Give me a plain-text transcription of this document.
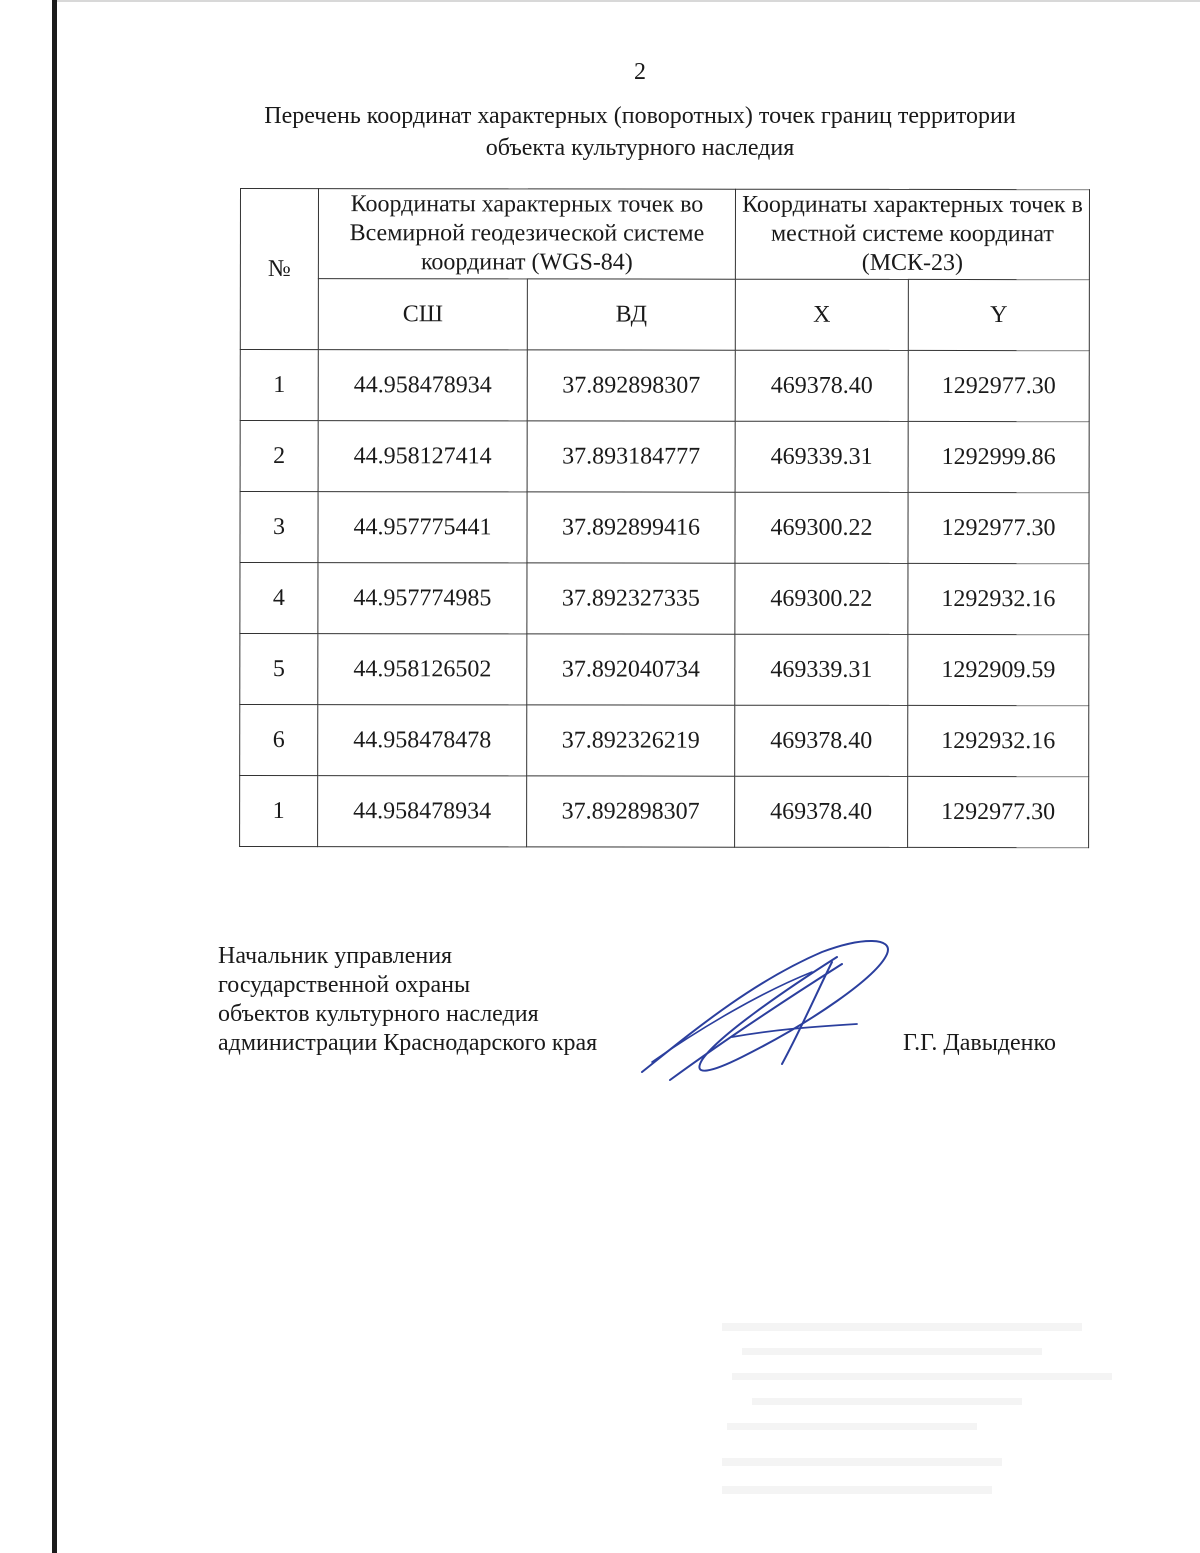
2
Перечень координат характерных (поворотных) точек границ территории
объекта культурного наследия
№	Координаты характерных точек во Всемирной геодезической системе координат (WGS-84)		Координаты характерных точек в местной системе координат (МСК-23)	
	СШ	ВД	X	Y
1	44.958478934	37.892898307	469378.40	1292977.30
2	44.958127414	37.893184777	469339.31	1292999.86
3	44.957775441	37.892899416	469300.22	1292977.30
4	44.957774985	37.892327335	469300.22	1292932.16
5	44.958126502	37.892040734	469339.31	1292909.59
6	44.958478478	37.892326219	469378.40	1292932.16
1	44.958478934	37.892898307	469378.40	1292977.30
Начальник управления
государственной охраны
объектов культурного наследия
администрации Краснодарского края	Г.Г. Давыденко
